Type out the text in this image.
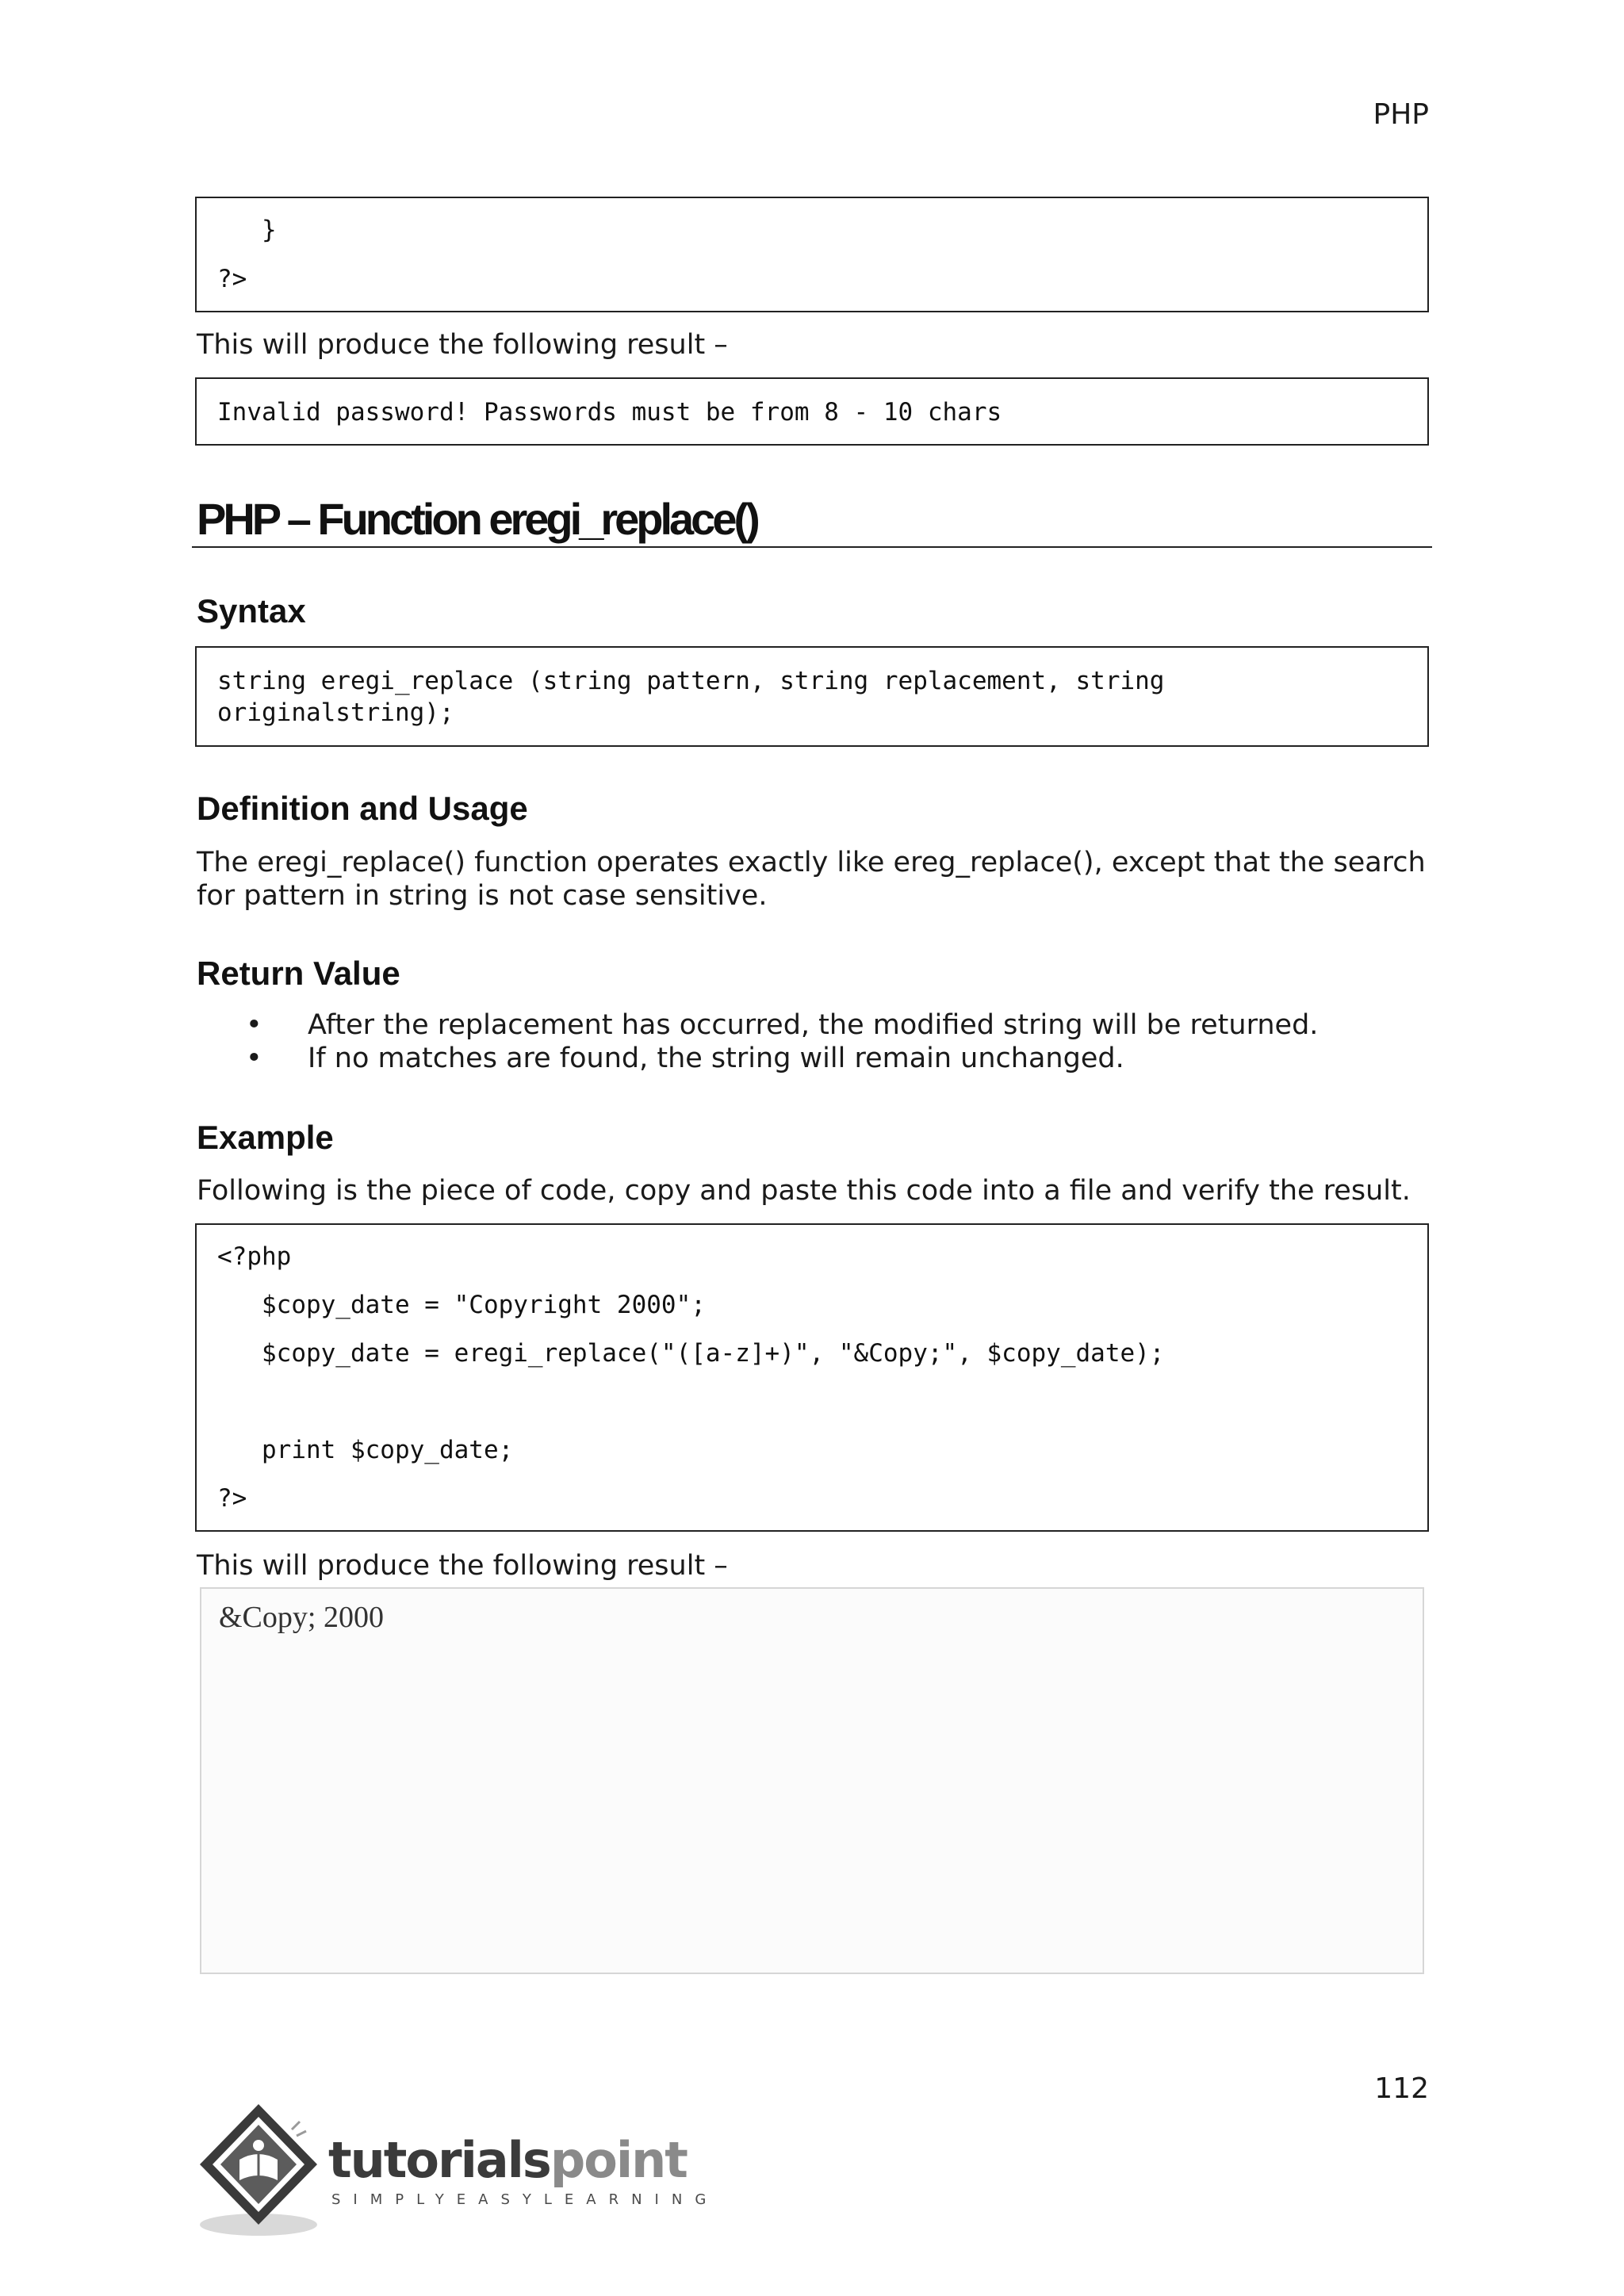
PHP
}
?>

This will produce the following result –

Invalid password! Passwords must be from 8 - 10 chars
PHP – Function eregi_replace()
Syntax
string eregi_replace (string pattern, string replacement, string
originalstring);
Definition and Usage

The eregi_replace() function operates exactly like ereg_replace(), except that the search

for pattern in string is not case sensitive.

Return Value
• After the replacement has occurred, the modified string will be returned.
• If no matches are found, the string will remain unchanged.
Example

Following is the piece of code, copy and paste this code into a file and verify the result.

<?php
$copy_date = "Copyright 2000";
$copy_date = eregi_replace("([a-z]+)", "&Copy;", $copy_date);
print $copy_date;
?>

This will produce the following result –

&Copy; 2000
112
tutorialspoint
SIMPLYEASYLEARNING
